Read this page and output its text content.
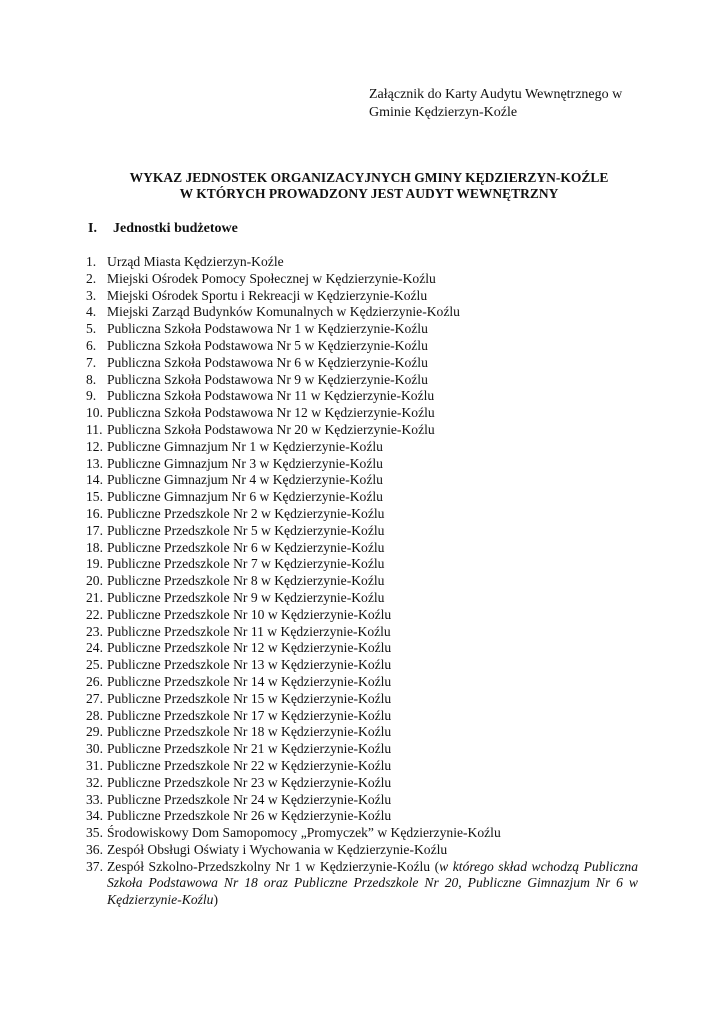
Załącznik do Karty Audytu Wewnętrznego w
Gminie Kędzierzyn-Koźle
WYKAZ JEDNOSTEK ORGANIZACYJNYCH GMINY KĘDZIERZYN-KOŹLE
W KTÓRYCH PROWADZONY JEST AUDYT WEWNĘTRZNY
I. Jednostki budżetowe
1. Urząd Miasta Kędzierzyn-Koźle
2. Miejski Ośrodek Pomocy Społecznej w Kędzierzynie-Koźlu
3. Miejski Ośrodek Sportu i Rekreacji w Kędzierzynie-Koźlu
4. Miejski Zarząd Budynków Komunalnych w Kędzierzynie-Koźlu
5. Publiczna Szkoła Podstawowa Nr 1 w Kędzierzynie-Koźlu
6. Publiczna Szkoła Podstawowa Nr 5 w Kędzierzynie-Koźlu
7. Publiczna Szkoła Podstawowa Nr 6 w Kędzierzynie-Koźlu
8. Publiczna Szkoła Podstawowa Nr 9 w Kędzierzynie-Koźlu
9. Publiczna Szkoła Podstawowa Nr 11 w Kędzierzynie-Koźlu
10. Publiczna Szkoła Podstawowa Nr 12 w Kędzierzynie-Koźlu
11. Publiczna Szkoła Podstawowa Nr 20 w Kędzierzynie-Koźlu
12. Publiczne Gimnazjum Nr 1 w Kędzierzynie-Koźlu
13. Publiczne Gimnazjum Nr 3 w Kędzierzynie-Koźlu
14. Publiczne Gimnazjum Nr 4 w Kędzierzynie-Koźlu
15. Publiczne Gimnazjum Nr 6 w Kędzierzynie-Koźlu
16. Publiczne Przedszkole Nr 2 w Kędzierzynie-Koźlu
17. Publiczne Przedszkole Nr 5 w Kędzierzynie-Koźlu
18. Publiczne Przedszkole Nr 6 w Kędzierzynie-Koźlu
19. Publiczne Przedszkole Nr 7 w Kędzierzynie-Koźlu
20. Publiczne Przedszkole Nr 8 w Kędzierzynie-Koźlu
21. Publiczne Przedszkole Nr 9 w Kędzierzynie-Koźlu
22. Publiczne Przedszkole Nr 10 w Kędzierzynie-Koźlu
23. Publiczne Przedszkole Nr 11 w Kędzierzynie-Koźlu
24. Publiczne Przedszkole Nr 12 w Kędzierzynie-Koźlu
25. Publiczne Przedszkole Nr 13 w Kędzierzynie-Koźlu
26. Publiczne Przedszkole Nr 14 w Kędzierzynie-Koźlu
27. Publiczne Przedszkole Nr 15 w Kędzierzynie-Koźlu
28. Publiczne Przedszkole Nr 17 w Kędzierzynie-Koźlu
29. Publiczne Przedszkole Nr 18 w Kędzierzynie-Koźlu
30. Publiczne Przedszkole Nr 21 w Kędzierzynie-Koźlu
31. Publiczne Przedszkole Nr 22 w Kędzierzynie-Koźlu
32. Publiczne Przedszkole Nr 23 w Kędzierzynie-Koźlu
33. Publiczne Przedszkole Nr 24 w Kędzierzynie-Koźlu
34. Publiczne Przedszkole Nr 26 w Kędzierzynie-Koźlu
35. Środowiskowy Dom Samopomocy „Promyczek” w Kędzierzynie-Koźlu
36. Zespół Obsługi Oświaty i Wychowania w Kędzierzynie-Koźlu
37. Zespół Szkolno-Przedszkolny Nr 1 w Kędzierzynie-Koźlu (w którego skład wchodzą Publiczna Szkoła Podstawowa Nr 18 oraz Publiczne Przedszkole Nr 20, Publiczne Gimnazjum Nr 6 w Kędzierzynie-Koźlu)
